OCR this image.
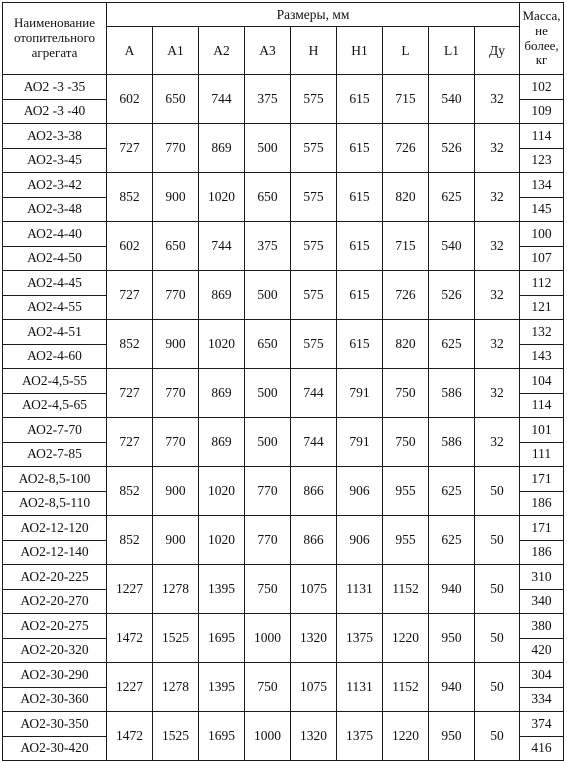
Наименование
отопительного
агрегата	Размеры, мм									Масса,
не
более,
кг
	A	A1	A2	A3	H	H1	L	L1	Ду	
АО2 -3 -35	602	650	744	375	575	615	715	540	32	102
АО2 -3 -40										109
АО2-3-38	727	770	869	500	575	615	726	526	32	114
АО2-3-45										123
АО2-3-42	852	900	1020	650	575	615	820	625	32	134
АО2-3-48										145
АО2-4-40	602	650	744	375	575	615	715	540	32	100
АО2-4-50										107
АО2-4-45	727	770	869	500	575	615	726	526	32	112
АО2-4-55										121
АО2-4-51	852	900	1020	650	575	615	820	625	32	132
АО2-4-60										143
АО2-4,5-55	727	770	869	500	744	791	750	586	32	104
АО2-4,5-65										114
АО2-7-70	727	770	869	500	744	791	750	586	32	101
АО2-7-85										111
АО2-8,5-100	852	900	1020	770	866	906	955	625	50	171
АО2-8,5-110										186
АО2-12-120	852	900	1020	770	866	906	955	625	50	171
АО2-12-140										186
АО2-20-225	1227	1278	1395	750	1075	1131	1152	940	50	310
АО2-20-270										340
АО2-20-275	1472	1525	1695	1000	1320	1375	1220	950	50	380
АО2-20-320										420
АО2-30-290	1227	1278	1395	750	1075	1131	1152	940	50	304
АО2-30-360										334
АО2-30-350	1472	1525	1695	1000	1320	1375	1220	950	50	374
АО2-30-420										416
